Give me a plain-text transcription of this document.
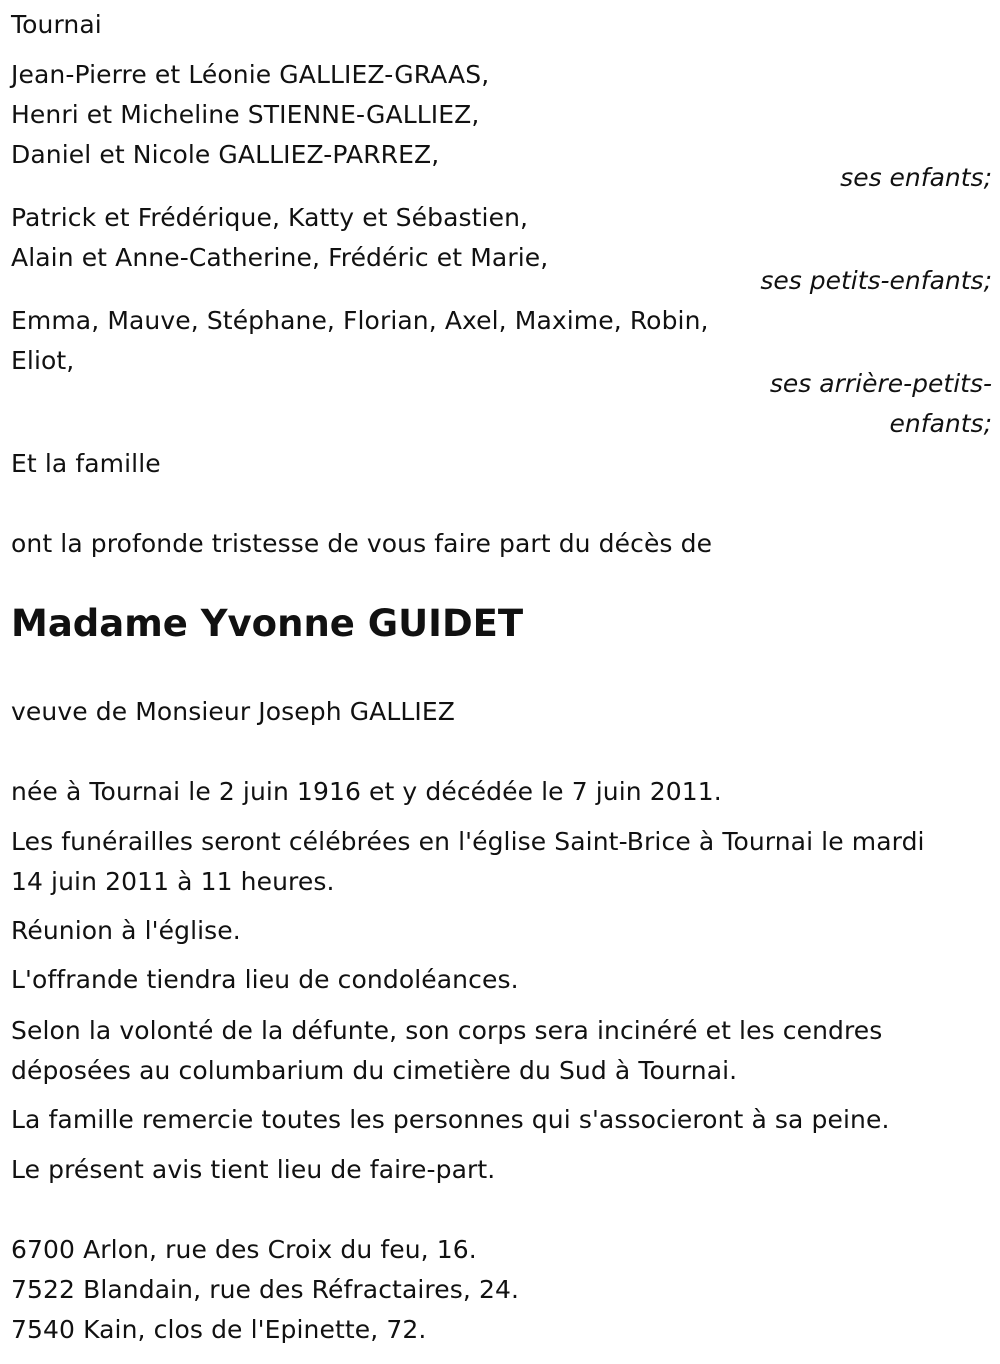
Tournai
Jean-Pierre et Léonie GALLIEZ-GRAAS,
Henri et Micheline STIENNE-GALLIEZ,
Daniel et Nicole GALLIEZ-PARREZ,
ses enfants;
Patrick et Frédérique, Katty et Sébastien,
Alain et Anne-Catherine, Frédéric et Marie,
ses petits-enfants;
Emma, Mauve, Stéphane, Florian, Axel, Maxime, Robin,
Eliot,
ses arrière-petits-
enfants;
Et la famille
ont la profonde tristesse de vous faire part du décès de
Madame Yvonne GUIDET
veuve de Monsieur Joseph GALLIEZ
née à Tournai le 2 juin 1916 et y décédée le 7 juin 2011.
Les funérailles seront célébrées en l'église Saint-Brice à Tournai le mardi
14 juin 2011 à 11 heures.
Réunion à l'église.
L'offrande tiendra lieu de condoléances.
Selon la volonté de la défunte, son corps sera incinéré et les cendres
déposées au columbarium du cimetière du Sud à Tournai.
La famille remercie toutes les personnes qui s'associeront à sa peine.
Le présent avis tient lieu de faire-part.
6700 Arlon, rue des Croix du feu, 16.
7522 Blandain, rue des Réfractaires, 24.
7540 Kain, clos de l'Epinette, 72.
